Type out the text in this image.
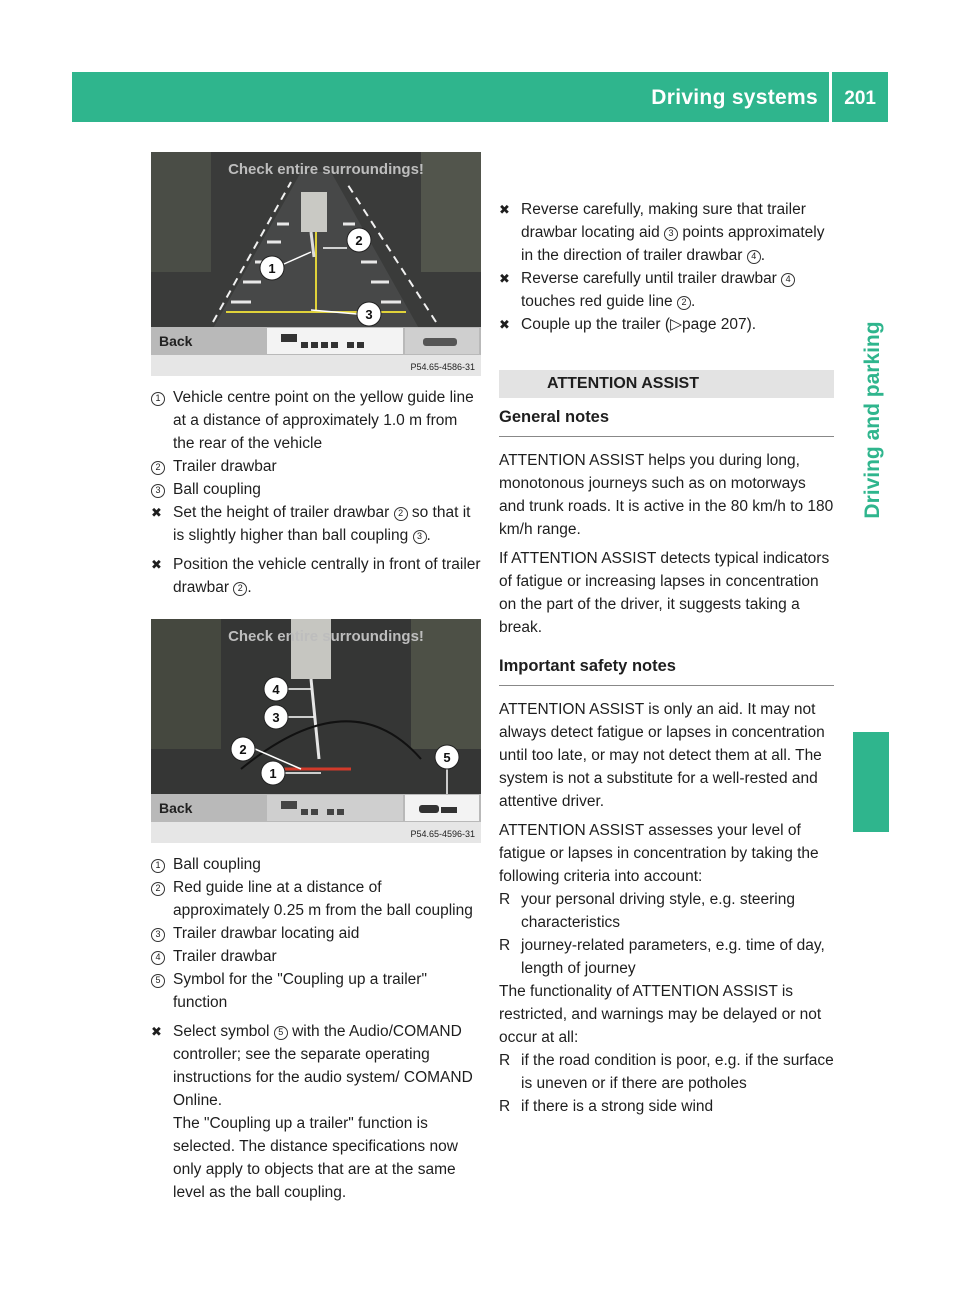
Driving systems 201
Driving and parking
Check entire surroundings!
1
2
3
Back
P54.65-4586-31
1 Vehicle centre point on the yellow guide line at a distance of approximately 1.0 m from the rear of the vehicle
2 Trailer drawbar
3 Ball coupling
✖ Set the height of trailer drawbar 2 so that it is slightly higher than ball coupling 3 .
✖ Position the vehicle centrally in front of trailer drawbar 2 .
Check entire surroundings!
4
3
2
1
5
Back
P54.65-4596-31
1 Ball coupling
2 Red guide line at a distance of approximately 0.25 m from the ball coupling
3 Trailer drawbar locating aid
4 Trailer drawbar
5 Symbol for the "Coupling up a trailer" function
✖ Select symbol 5 with the Audio/COMAND controller; see the separate operating instructions for the audio system/ COMAND Online.
The "Coupling up a trailer" function is selected. The distance specifications now only apply to objects that are at the same level as the ball coupling.
✖ Reverse carefully, making sure that trailer drawbar locating aid 3 points approximately in the direction of trailer drawbar 4 .
✖ Reverse carefully until trailer drawbar 4 touches red guide line 2 .
✖ Couple up the trailer (▷page 207).
ATTENTION ASSIST
General notes

ATTENTION ASSIST helps you during long, monotonous journeys such as on motorways and trunk roads. It is active in the 80 km/h to 180 km/h range.

If ATTENTION ASSIST detects typical indicators of fatigue or increasing lapses in concentration on the part of the driver, it suggests taking a break.

Important safety notes

ATTENTION ASSIST is only an aid. It may not always detect fatigue or lapses in concentration until too late, or may not detect them at all. The system is not a substitute for a well-rested and attentive driver.

ATTENTION ASSIST assesses your level of fatigue or lapses in concentration by taking the following criteria into account:

R your personal driving style, e.g. steering characteristics
R journey-related parameters, e.g. time of day, length of journey

The functionality of ATTENTION ASSIST is restricted, and warnings may be delayed or not occur at all:

R if the road condition is poor, e.g. if the surface is uneven or if there are potholes
R if there is a strong side wind
